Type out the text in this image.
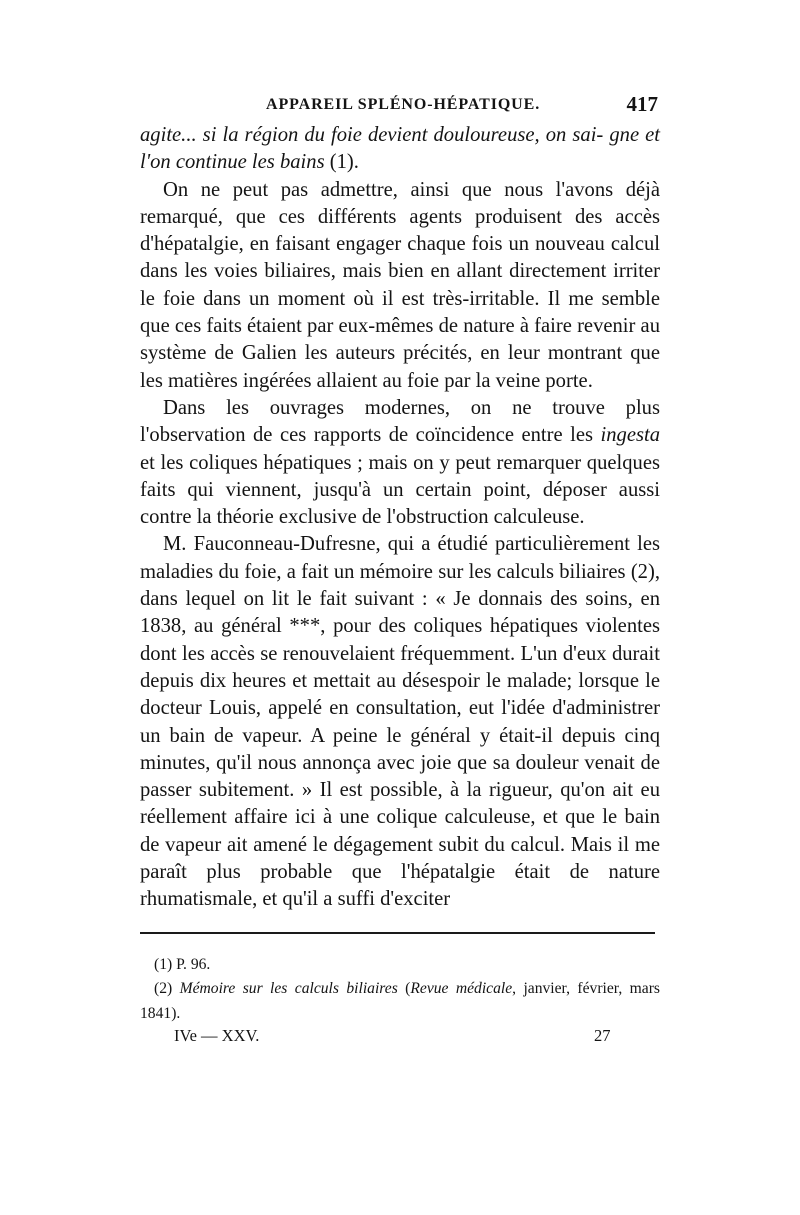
APPAREIL SPLÉNO-HÉPATIQUE.	417

agite... si la région du foie devient douloureuse, on sai- gne et l'on continue les bains (1).

On ne peut pas admettre, ainsi que nous l'avons déjà remarqué, que ces différents agents produisent des accès d'hépatalgie, en faisant engager chaque fois un nouveau calcul dans les voies biliaires, mais bien en allant directement irriter le foie dans un moment où il est très-irritable. Il me semble que ces faits étaient par eux-mêmes de nature à faire revenir au système de Galien les auteurs précités, en leur montrant que les matières ingérées allaient au foie par la veine porte.

Dans les ouvrages modernes, on ne trouve plus l'observation de ces rapports de coïncidence entre les ingesta et les coliques hépatiques ; mais on y peut remarquer quelques faits qui viennent, jusqu'à un certain point, déposer aussi contre la théorie exclusive de l'obstruction calculeuse.

M. Fauconneau-Dufresne, qui a étudié particulièrement les maladies du foie, a fait un mémoire sur les calculs biliaires (2), dans lequel on lit le fait suivant : « Je donnais des soins, en 1838, au général ***, pour des coliques hépatiques violentes dont les accès se renouvelaient fréquemment. L'un d'eux durait depuis dix heures et mettait au désespoir le malade; lorsque le docteur Louis, appelé en consultation, eut l'idée d'administrer un bain de vapeur. A peine le général y était-il depuis cinq minutes, qu'il nous annonça avec joie que sa douleur venait de passer subitement. » Il est possible, à la rigueur, qu'on ait eu réellement affaire ici à une colique calculeuse, et que le bain de vapeur ait amené le dégagement subit du calcul. Mais il me paraît plus probable que l'hépatalgie était de nature rhumatismale, et qu'il a suffi d'exciter

(1) P. 96.

(2) Mémoire sur les calculs biliaires (Revue médicale, janvier, février, mars 1841).

IVe — XXV.	27
